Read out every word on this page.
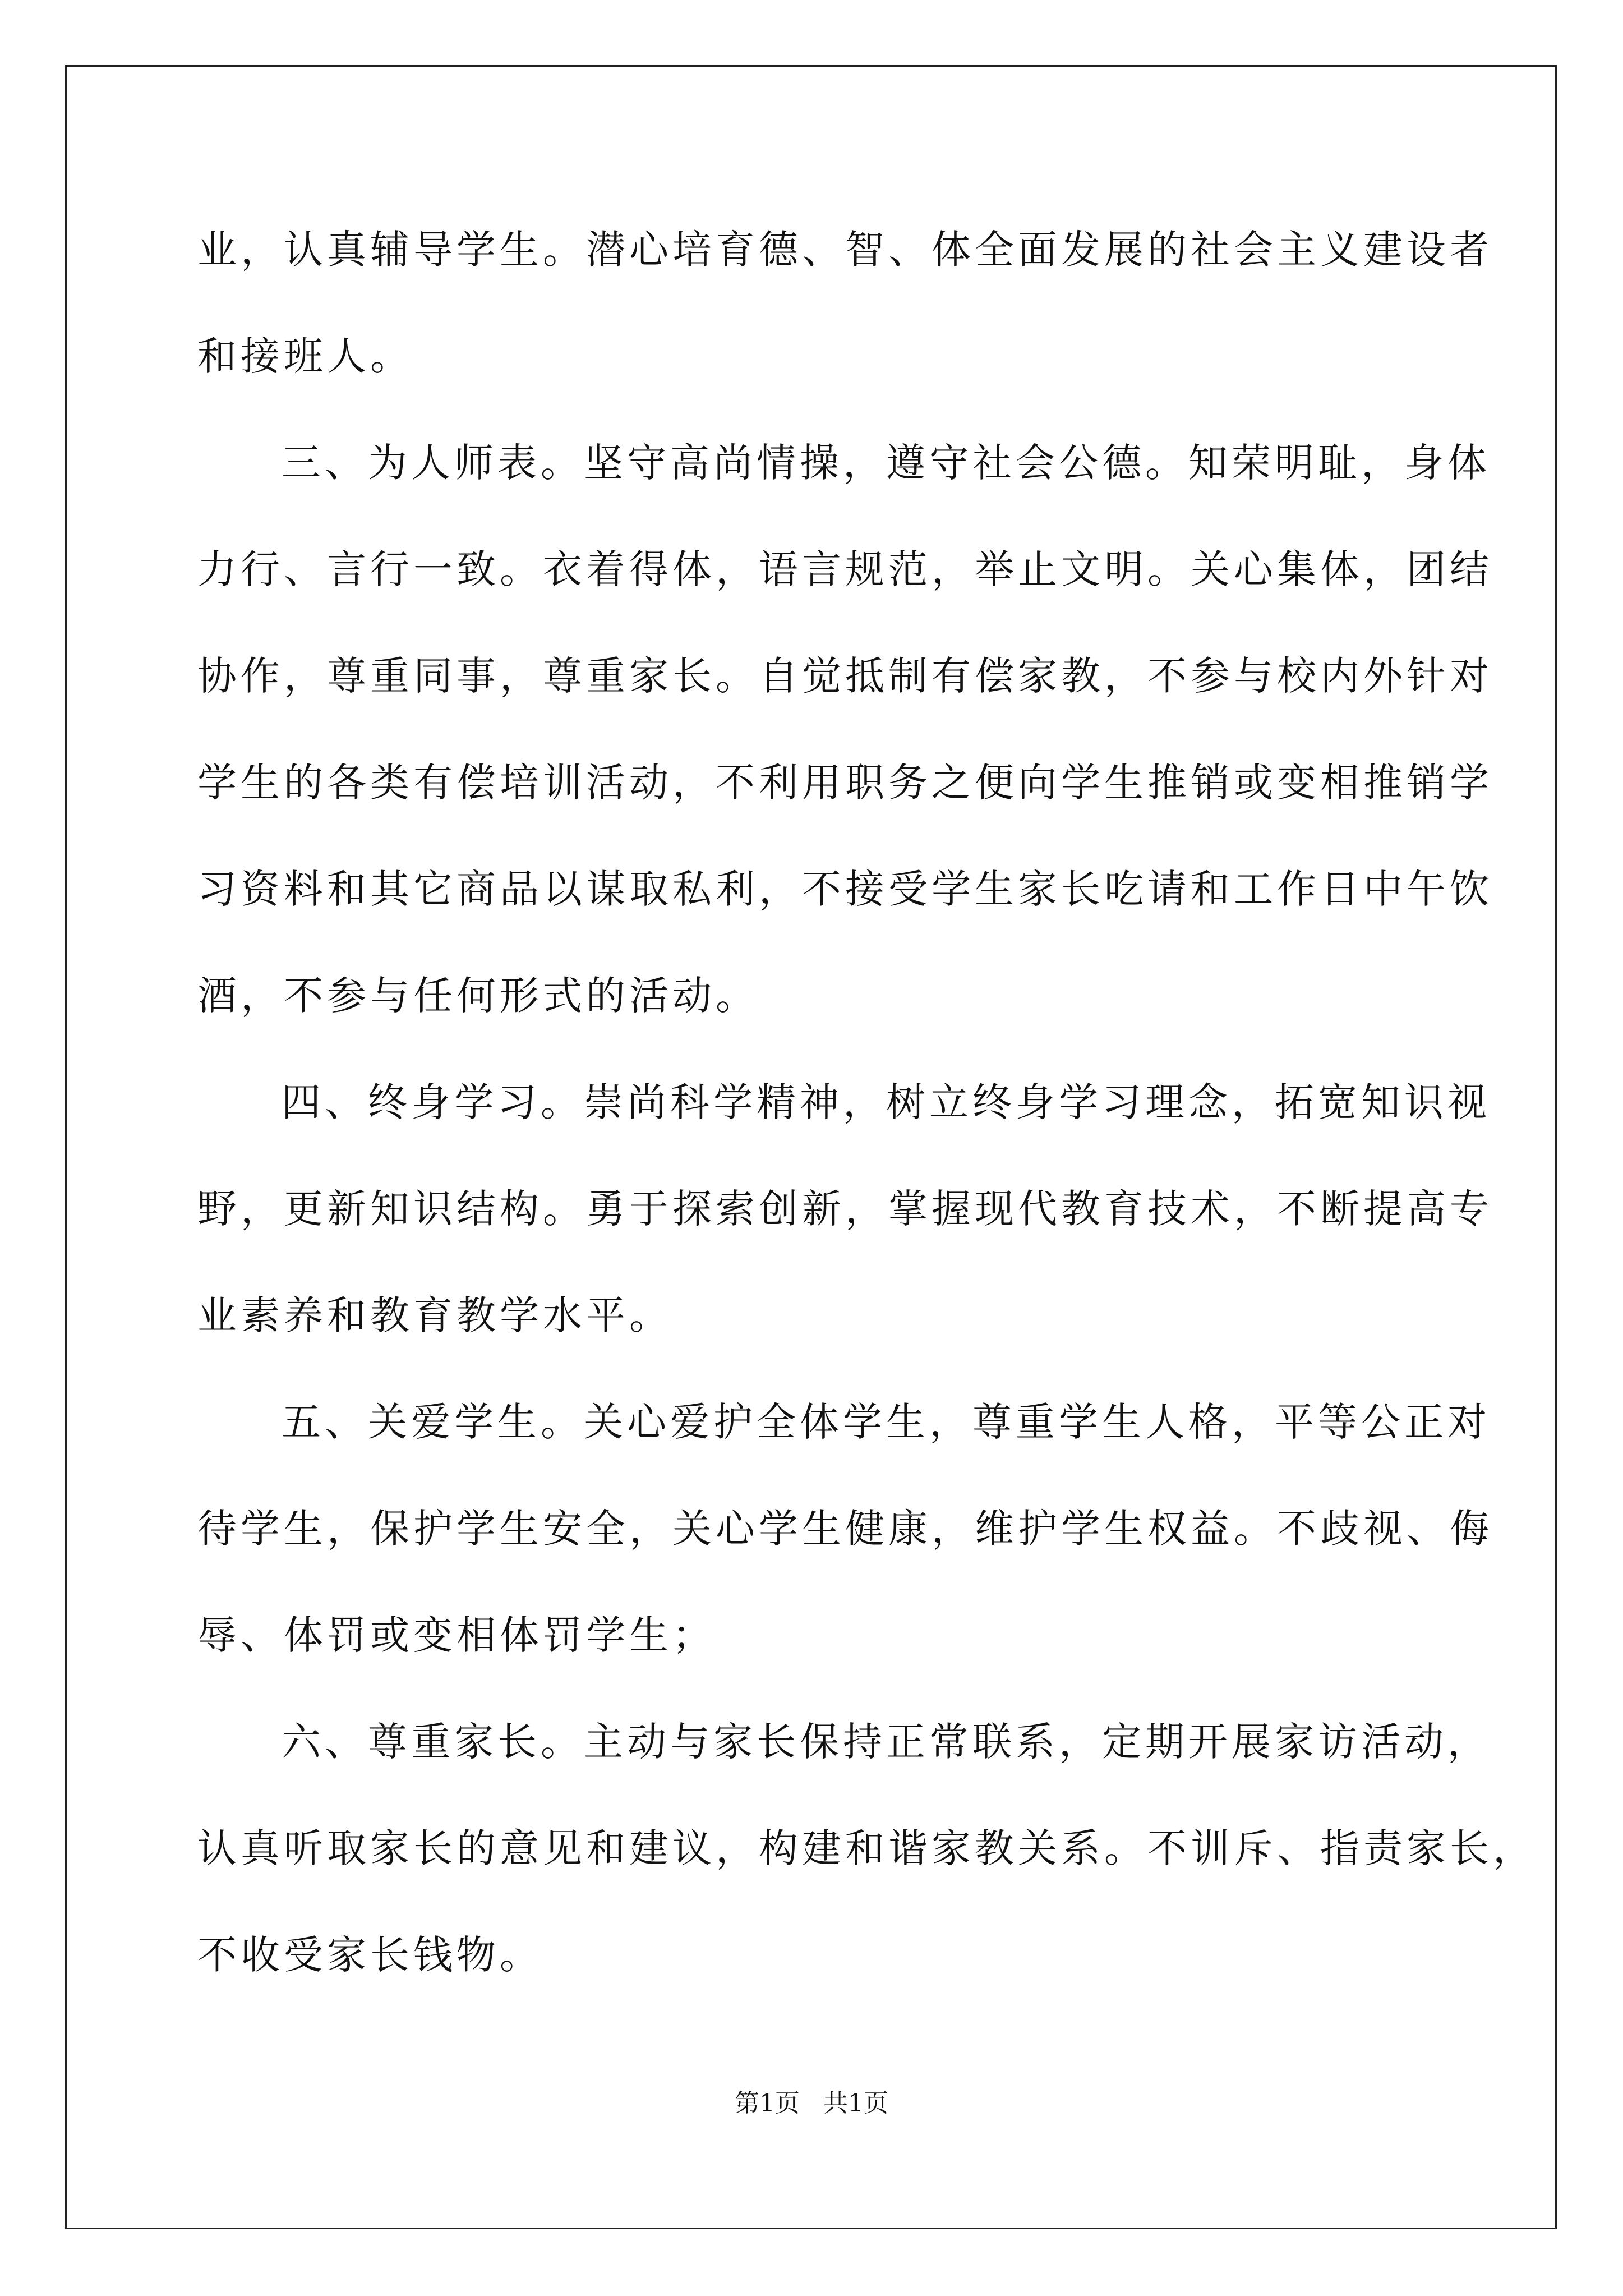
业，认真辅导学生。潜心培育德、智、体全面发展的社会主义建设者
和接班人。
三、为人师表。坚守高尚情操，遵守社会公德。知荣明耻，身体
力行、言行一致。衣着得体，语言规范，举止文明。关心集体，团结
协作，尊重同事，尊重家长。自觉抵制有偿家教，不参与校内外针对
学生的各类有偿培训活动，不利用职务之便向学生推销或变相推销学
习资料和其它商品以谋取私利，不接受学生家长吃请和工作日中午饮
酒，不参与任何形式的活动。
四、终身学习。崇尚科学精神，树立终身学习理念，拓宽知识视
野，更新知识结构。勇于探索创新，掌握现代教育技术，不断提高专
业素养和教育教学水平。
五、关爱学生。关心爱护全体学生，尊重学生人格，平等公正对
待学生，保护学生安全，关心学生健康，维护学生权益。不歧视、侮
辱、体罚或变相体罚学生；
六、尊重家长。主动与家长保持正常联系，定期开展家访活动，
认真听取家长的意见和建议，构建和谐家教关系。不训斥、指责家长，
不收受家长钱物。
第1页   共1页
